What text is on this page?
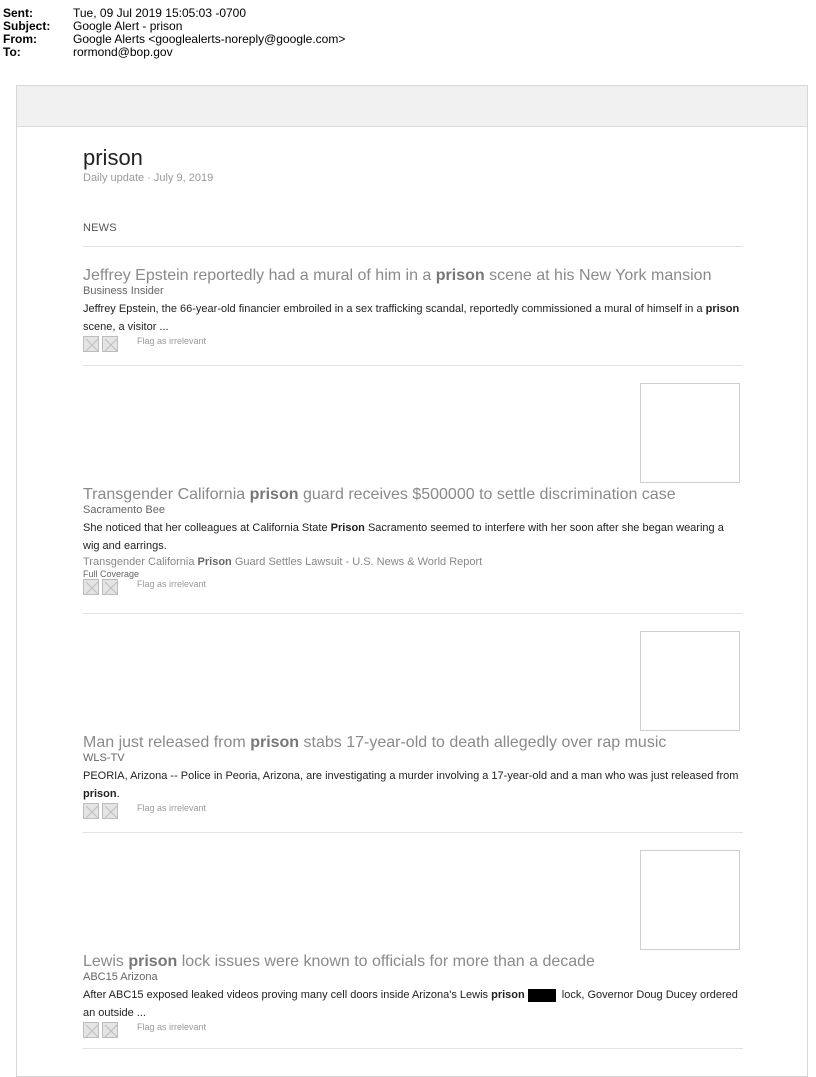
Sent:	Tue, 09 Jul 2019 15:05:03 -0700
Subject:	Google Alert - prison
From:	Google Alerts <googlealerts-noreply@google.com>
To:	rormond@bop.gov
prison
Daily update · July 9, 2019
NEWS
Jeffrey Epstein reportedly had a mural of him in a prison scene at his New York mansion
Business Insider
Jeffrey Epstein, the 66-year-old financier embroiled in a sex trafficking scandal, reportedly commissioned a mural of himself in a prison scene, a visitor ...
Flag as irrelevant
Transgender California prison guard receives $500000 to settle discrimination case
Sacramento Bee
She noticed that her colleagues at California State Prison Sacramento seemed to interfere with her soon after she began wearing a wig and earrings.
Transgender California Prison Guard Settles Lawsuit - U.S. News & World Report
Full Coverage
Flag as irrelevant
Man just released from prison stabs 17-year-old to death allegedly over rap music
WLS-TV
PEORIA, Arizona -- Police in Peoria, Arizona, are investigating a murder involving a 17-year-old and a man who was just released from prison.
Flag as irrelevant
Lewis prison lock issues were known to officials for more than a decade
ABC15 Arizona
After ABC15 exposed leaked videos proving many cell doors inside Arizona's Lewis prison	lock, Governor Doug Ducey ordered an outside ...
Flag as irrelevant
